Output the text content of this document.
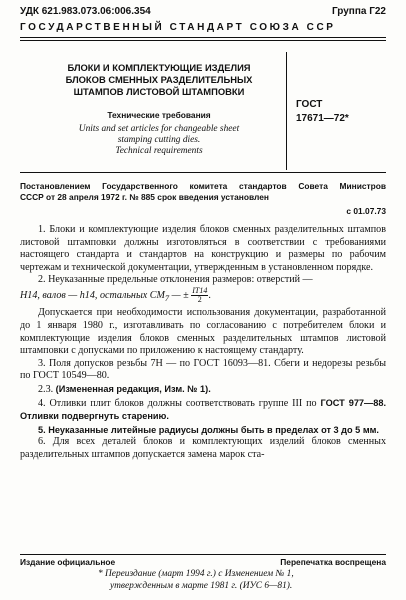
УДК 621.983.073.06:006.354	Группа Г22
ГОСУДАРСТВЕННЫЙ СТАНДАРТ СОЮЗА ССР
БЛОКИ И КОМПЛЕКТУЮЩИЕ ИЗДЕЛИЯ
БЛОКОВ СМЕННЫХ РАЗДЕЛИТЕЛЬНЫХ
ШТАМПОВ ЛИСТОВОЙ ШТАМПОВКИ
Технические требования
Units and set articles for changeable sheet
stamping cutting dies.
Technical requirements
ГОСТ
17671—72*
Постановлением Государственного комитета стандартов Совета Министров
СССР от 28 апреля 1972 г. № 885 срок введения установлен
с 01.07.73

1. Блоки и комплектующие изделия блоков сменных разделительных штампов листовой штамповки должны изготовляться в соответствии с требованиями настоящего стандарта и стандартов на конструкцию и размеры по рабочим чертежам и технической документации, утвержденным в установленном порядке.

2. Неуказанные предельные отклонения размеров: отверстий —

H14, валов — h14, остальных $CM_7$ — ± $\frac{IT14}{2}$ .

Допускается при необходимости использования документации, разработанной до 1 января 1980 г., изготавливать по согласованию с потребителем блоки и комплектующие изделия блоков сменных разделительных штампов листовой штамповки с допусками по приложению к настоящему стандарту.

3. Поля допусков резьбы 7Н — по ГОСТ 16093—81. Сбеги и недорезы резьбы по ГОСТ 10549—80.

2.3. (Измененная редакция, Изм. № 1).

4. Отливки плит блоков должны соответствовать группе III по ГОСТ 977—88. Отливки подвергнуть старению.

5. Неуказанные литейные радиусы должны быть в пределах от 3 до 5 мм.

6. Для всех деталей блоков и комплектующих изделий блоков сменных разделительных штампов допускается замена марок ста-

Издание официальное	Перепечатка воспрещена
* Переиздание (март 1994 г.) с Изменением № 1,
утвержденным в марте 1981 г. (ИУС 6—81).
